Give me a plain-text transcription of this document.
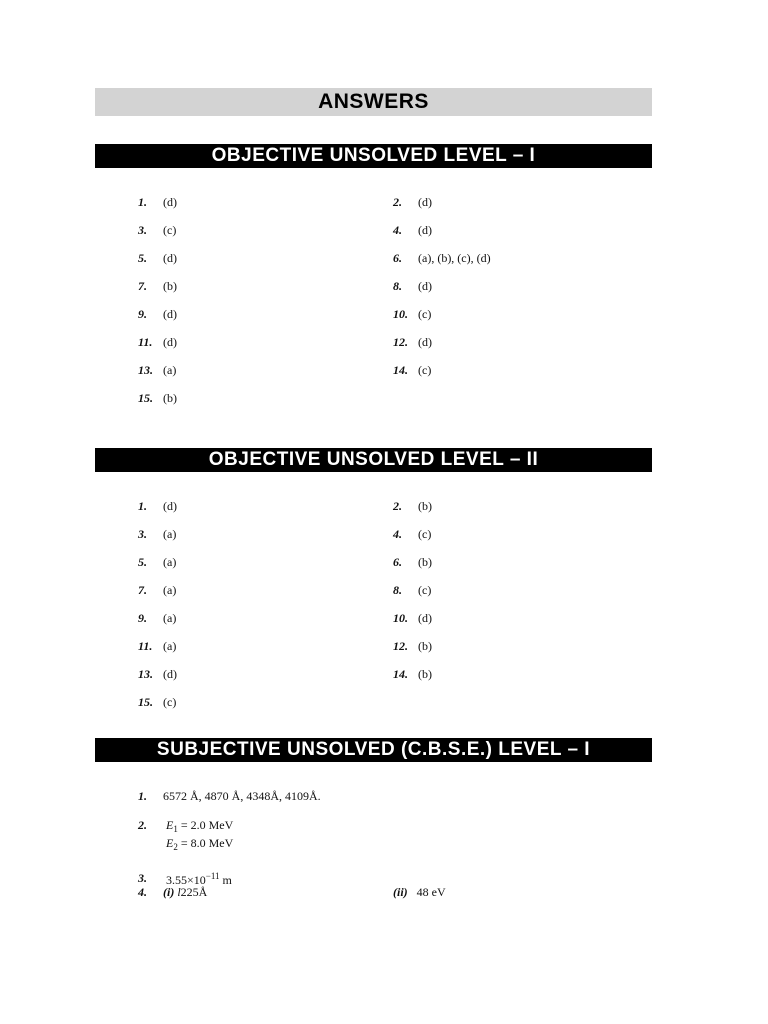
ANSWERS
OBJECTIVE UNSOLVED LEVEL – I
1. (d)	2. (d)
3. (c)	4. (d)
5. (d)	6. (a), (b), (c), (d)
7. (b)	8. (d)
9. (d)	10. (c)
11. (d)	12. (d)
13. (a)	14. (c)
15. (b)
OBJECTIVE UNSOLVED LEVEL – II
1. (d)	2. (b)
3. (a)	4. (c)
5. (a)	6. (b)
7. (a)	8. (c)
9. (a)	10. (d)
11. (a)	12. (b)
13. (d)	14. (b)
15. (c)
SUBJECTIVE UNSOLVED (C.B.S.E.) LEVEL – I
1. 6572 Å, 4870 Å, 4348Å, 4109Å.
2. $E_1 = 2.0$ MeV
$E_2 = 8.0$ MeV
3. $3.55\times 10^{-11}$ m
4. (i) l225Å	(ii) 48 eV
